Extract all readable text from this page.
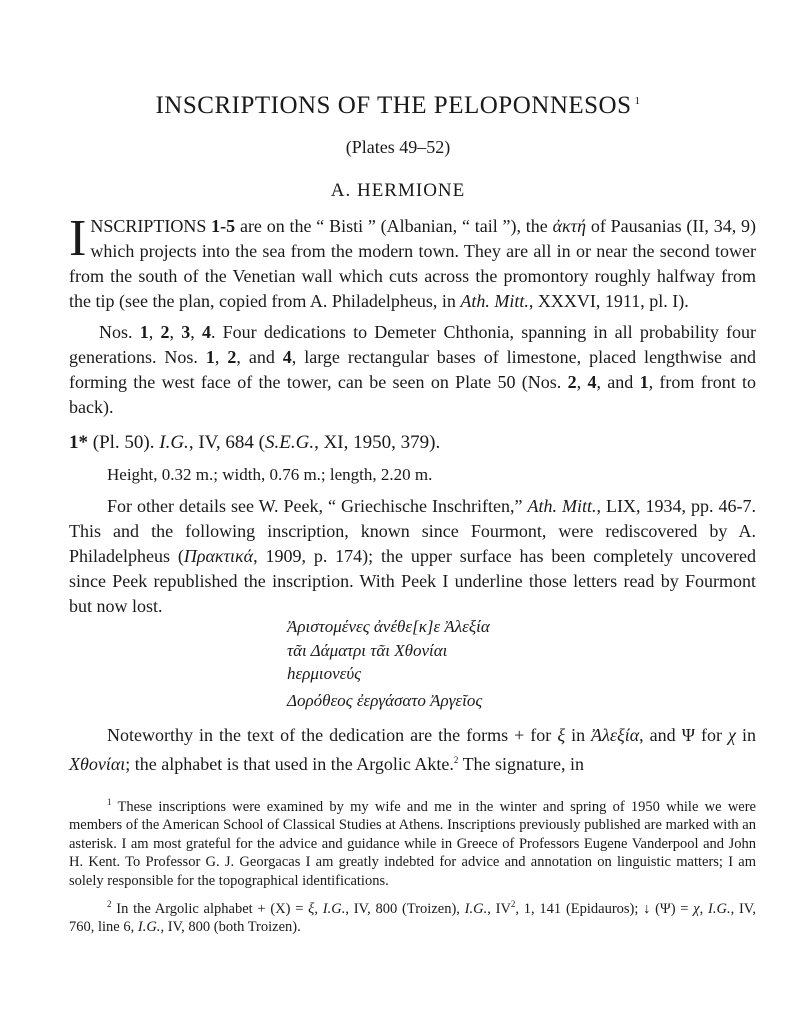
INSCRIPTIONS OF THE PELOPONNESOS $^1$
(Plates 49–52)
A. HERMIONE

INSCRIPTIONS 1-5 are on the “ Bisti ” (Albanian, “ tail ”), the ἀκτή of Pausanias (II, 34, 9) which projects into the sea from the modern town. They are all in or near the second tower from the south of the Venetian wall which cuts across the promontory roughly halfway from the tip (see the plan, copied from A. Philadelpheus, in Ath. Mitt., XXXVI, 1911, pl. I).

Nos. 1, 2, 3, 4. Four dedications to Demeter Chthonia, spanning in all probability four generations. Nos. 1, 2, and 4, large rectangular bases of limestone, placed lengthwise and forming the west face of the tower, can be seen on Plate 50 (Nos. 2, 4, and 1, from front to back).

1* (Pl. 50). I.G., IV, 684 (S.E.G., XI, 1950, 379).
Height, 0.32 m.; width, 0.76 m.; length, 2.20 m.

For other details see W. Peek, “ Griechische Inschriften,” Ath. Mitt., LIX, 1934, pp. 46-7. This and the following inscription, known since Fourmont, were rediscovered by A. Philadelpheus (Πρακτικά, 1909, p. 174); the upper surface has been completely uncovered since Peek republished the inscription. With Peek I underline those letters read by Fourmont but now lost.

Ἀριστομένες ἀνέθε[κ]ε Ἀλεξία
τᾶι Δάματρι τᾶι Χθονίαι
hερμιονεύς
Δορόθεος ἐεργάσατο Ἀργεῖος

Noteworthy in the text of the dedication are the forms + for ξ in Ἀλεξία, and Ψ for χ in Χθονίαι; the alphabet is that used in the Argolic Akte.$^2$ The signature, in

$^1$ These inscriptions were examined by my wife and me in the winter and spring of 1950 while we were members of the American School of Classical Studies at Athens. Inscriptions previously published are marked with an asterisk. I am most grateful for the advice and guidance while in Greece of Professors Eugene Vanderpool and John H. Kent. To Professor G. J. Georgacas I am greatly indebted for advice and annotation on linguistic matters; I am solely responsible for the topographical identifications.

$^2$ In the Argolic alphabet + (X) = ξ, I.G., IV, 800 (Troizen), I.G., $IV^2$, 1, 141 (Epidauros); ↓ (Ψ) = χ, I.G., IV, 760, line 6, I.G., IV, 800 (both Troizen).
